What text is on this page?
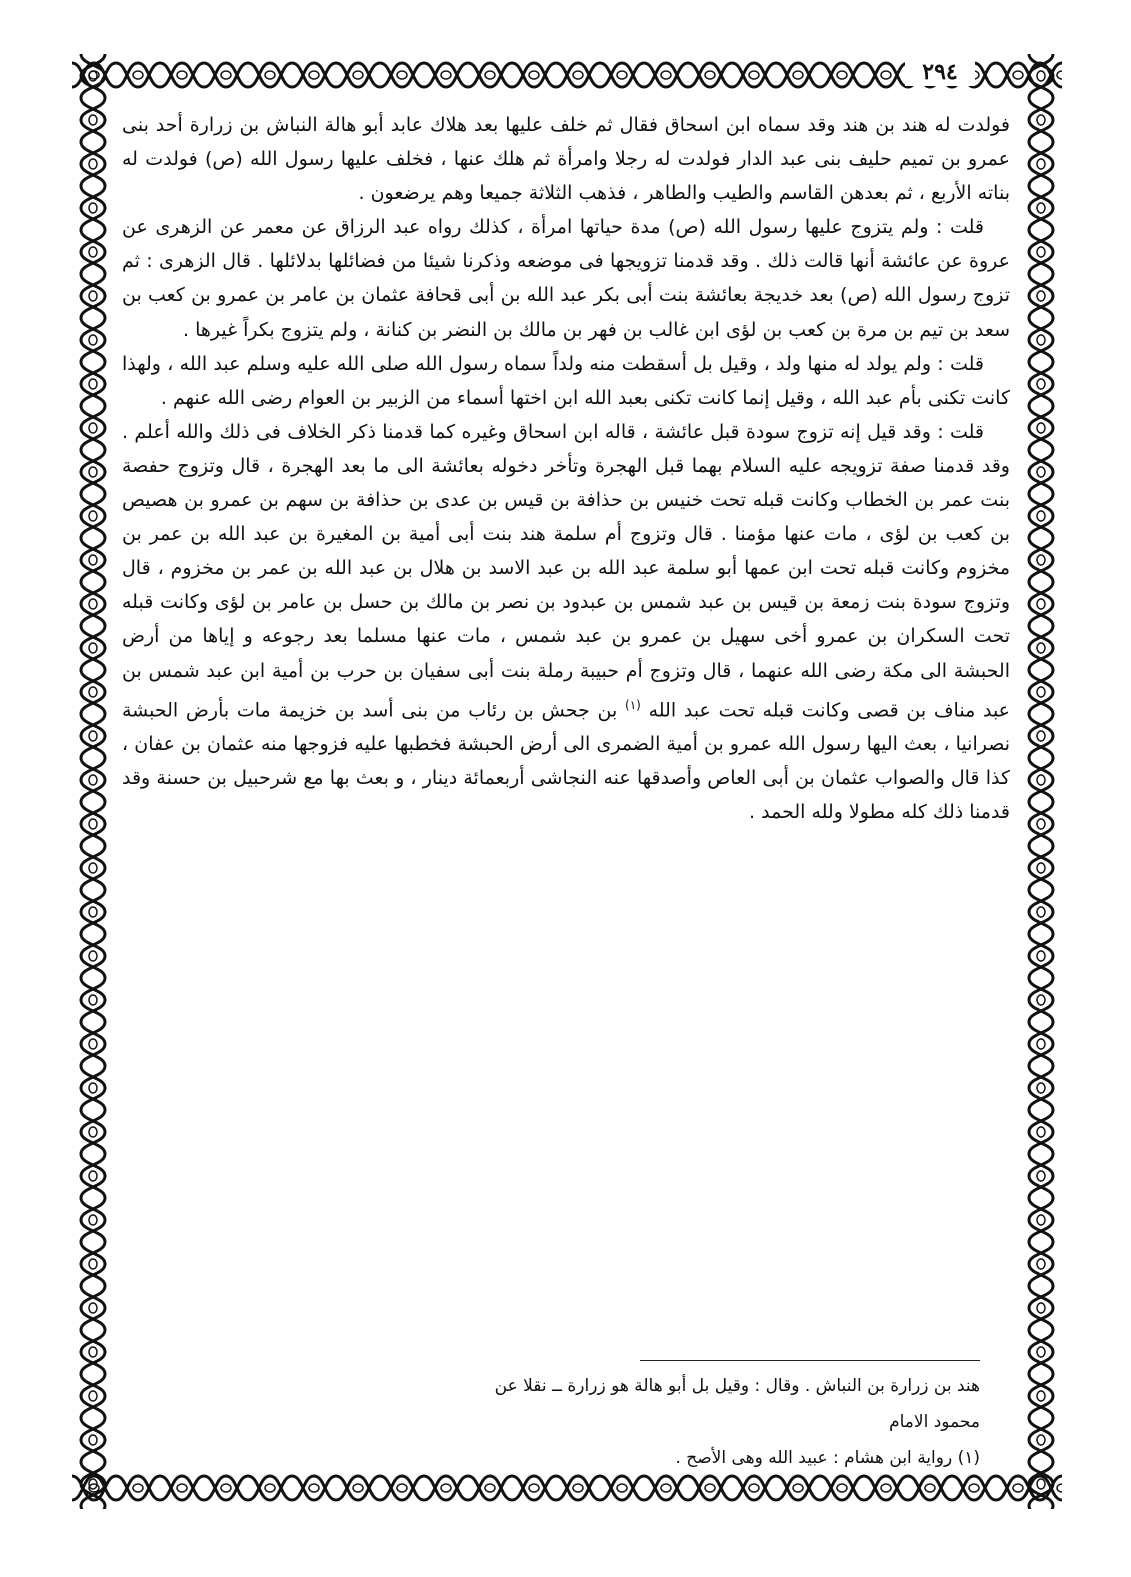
٢٩٤

فولدت له هند بن هند وقد سماه ابن اسحاق فقال ثم خلف عليها بعد هلاك عابد أبو هالة النباش بن زرارة أحد بنى عمرو بن تميم حليف بنى عبد الدار فولدت له رجلا وامرأة ثم هلك عنها ، فخلف عليها رسول الله (ص) فولدت له بناته الأربع ، ثم بعدهن القاسم والطيب والطاهر ، فذهب الثلاثة جميعا وهم يرضعون .

قلت : ولم يتزوج عليها رسول الله (ص) مدة حياتها امرأة ، كذلك رواه عبد الرزاق عن معمر عن الزهرى عن عروة عن عائشة أنها قالت ذلك . وقد قدمنا تزويجها فى موضعه وذكرنا شيئا من فضائلها بدلائلها . قال الزهرى : ثم تزوج رسول الله (ص) بعد خديجة بعائشة بنت أبى بكر عبد الله بن أبى قحافة عثمان بن عامر بن عمرو بن كعب بن سعد بن تيم بن مرة بن كعب بن لؤى ابن غالب بن فهر بن مالك بن النضر بن كنانة ، ولم يتزوج بكراً غيرها .

قلت : ولم يولد له منها ولد ، وقيل بل أسقطت منه ولداً سماه رسول الله صلى الله عليه وسلم عبد الله ، ولهذا كانت تكنى بأم عبد الله ، وقيل إنما كانت تكنى بعبد الله ابن اختها أسماء من الزبير بن العوام رضى الله عنهم .

قلت : وقد قيل إنه تزوج سودة قبل عائشة ، قاله ابن اسحاق وغيره كما قدمنا ذكر الخلاف فى ذلك والله أعلم . وقد قدمنا صفة تزويجه عليه السلام بهما قبل الهجرة وتأخر دخوله بعائشة الى ما بعد الهجرة ، قال وتزوج حفصة بنت عمر بن الخطاب وكانت قبله تحت خنيس بن حذافة بن قيس بن عدى بن حذافة بن سهم بن عمرو بن هصيص بن كعب بن لؤى ، مات عنها مؤمنا . قال وتزوج أم سلمة هند بنت أبى أمية بن المغيرة بن عبد الله بن عمر بن مخزوم وكانت قبله تحت ابن عمها أبو سلمة عبد الله بن عبد الاسد بن هلال بن عبد الله بن عمر بن مخزوم ، قال وتزوج سودة بنت زمعة بن قيس بن عبد شمس بن عبدود بن نصر بن مالك بن حسل بن عامر بن لؤى وكانت قبله تحت السكران بن عمرو أخى سهيل بن عمرو بن عبد شمس ، مات عنها مسلما بعد رجوعه و إياها من أرض الحبشة الى مكة رضى الله عنهما ، قال وتزوج أم حبيبة رملة بنت أبى سفيان بن حرب بن أمية ابن عبد شمس بن عبد مناف بن قصى وكانت قبله تحت عبد الله $^{(١)}$ بن جحش بن رئاب من بنى أسد بن خزيمة مات بأرض الحبشة نصرانيا ، بعث اليها رسول الله عمرو بن أمية الضمرى الى أرض الحبشة فخطبها عليه فزوجها منه عثمان بن عفان ، كذا قال والصواب عثمان بن أبى العاص وأصدقها عنه النجاشى أربعمائة دينار ، و بعث بها مع شرحبيل بن حسنة وقد قدمنا ذلك كله مطولا ولله الحمد .

هند بن زرارة بن النباش . وقال : وقيل بل أبو هالة هو زرارة ــ نقلا عن محمود الامام

(١) رواية ابن هشام : عبيد الله وهى الأصح .
